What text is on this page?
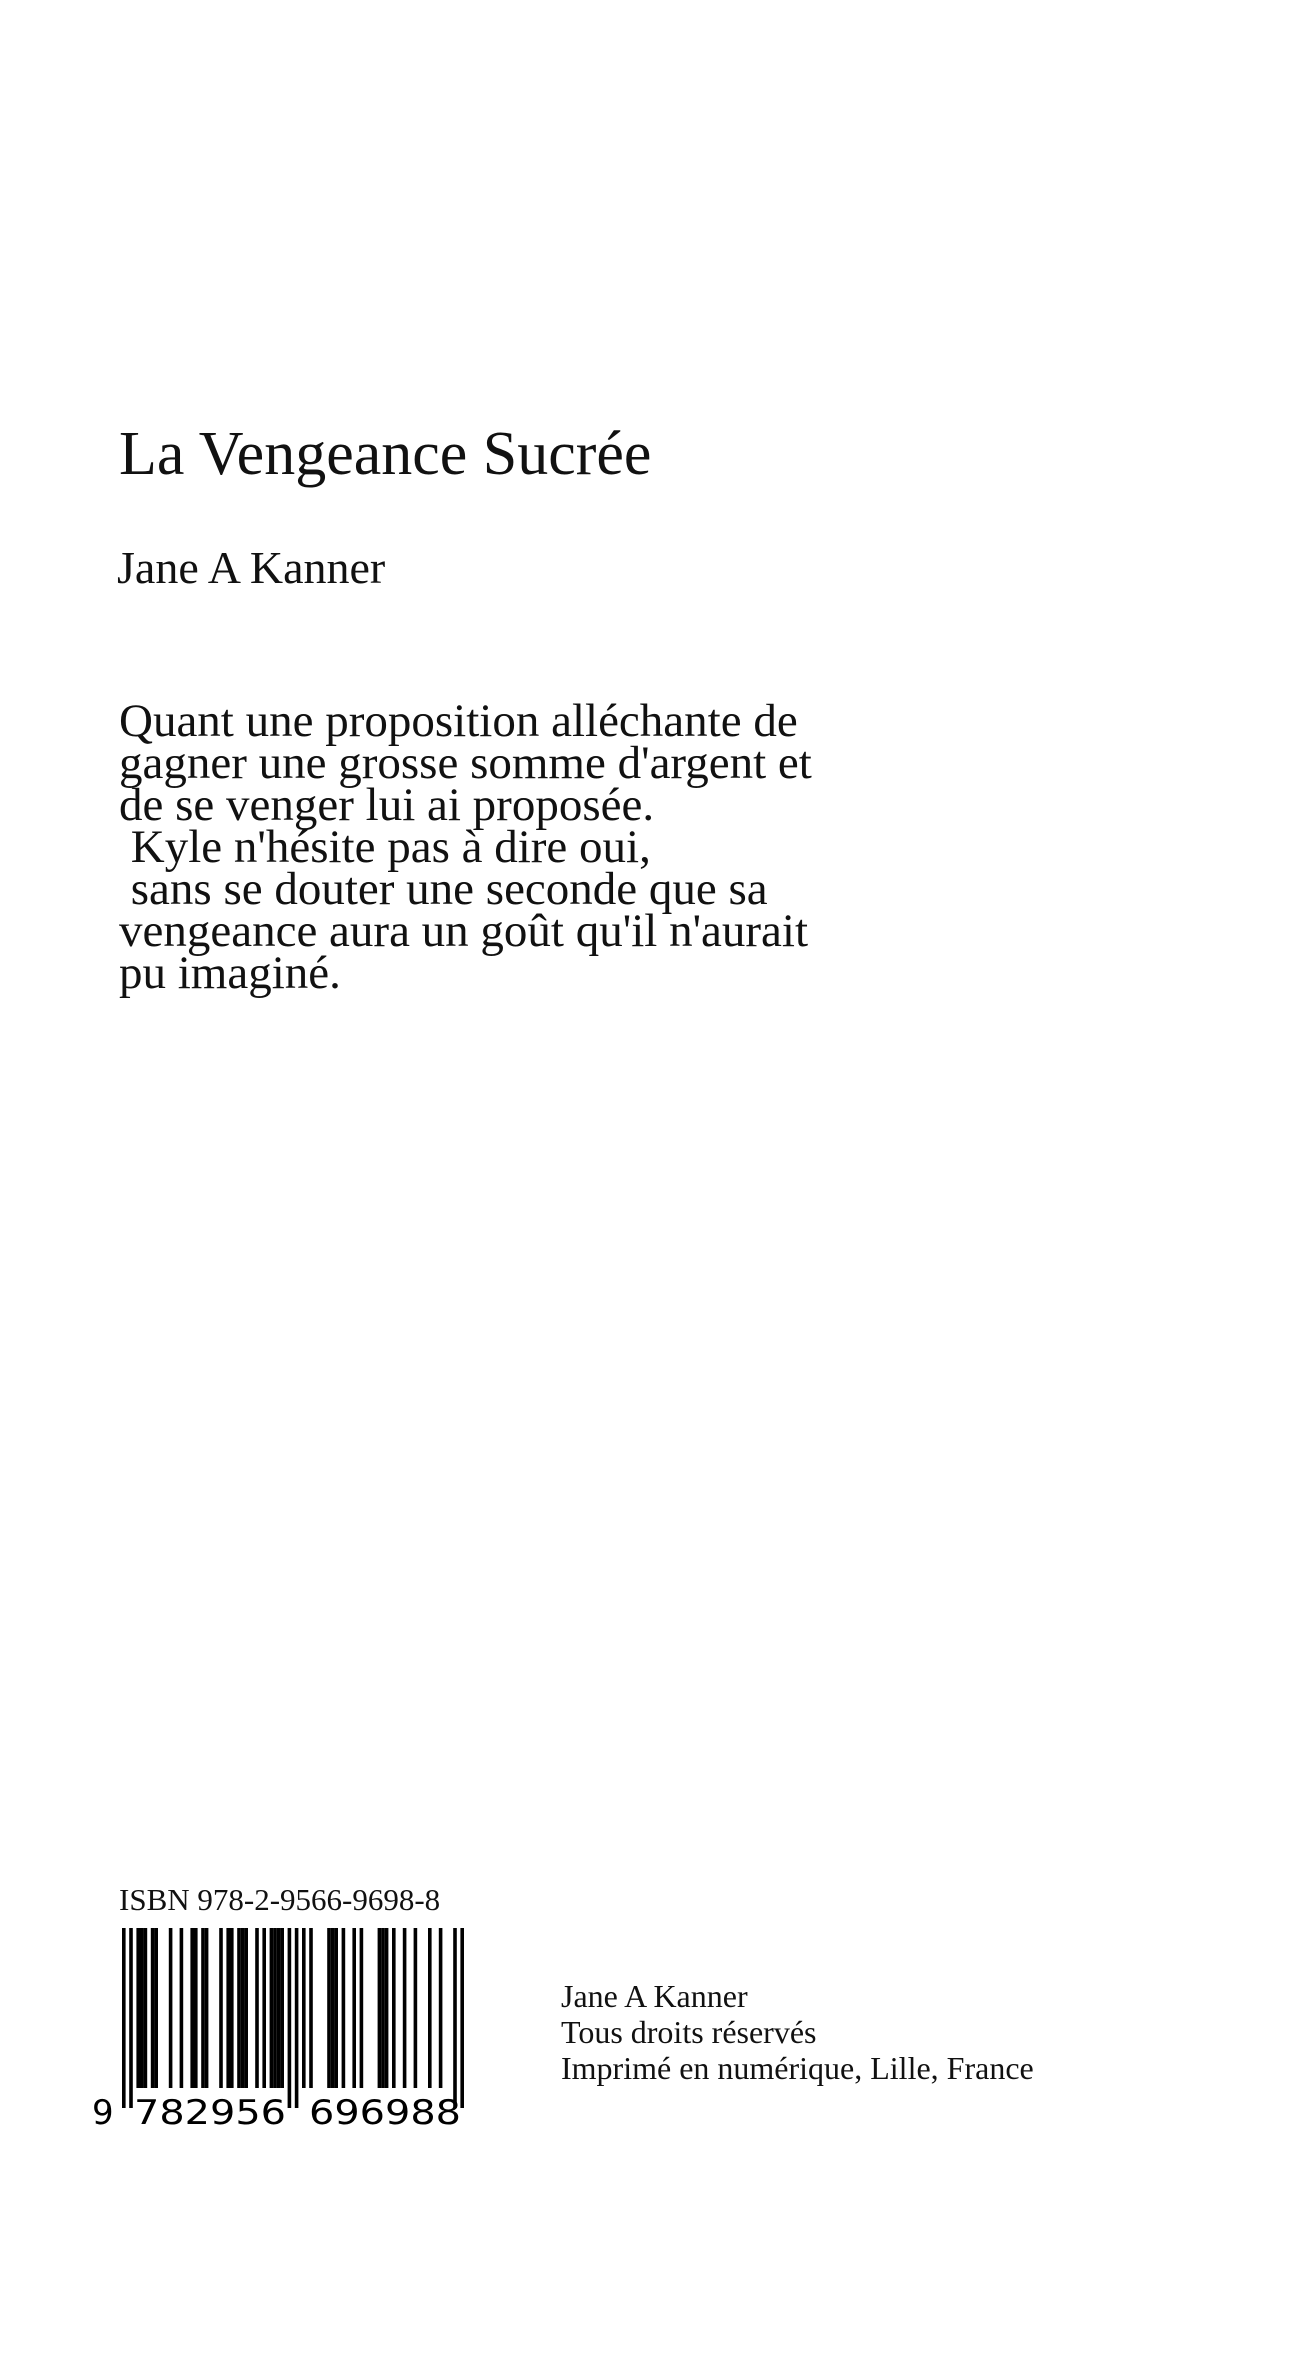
La Vengeance Sucrée
Jane A Kanner
Quant une proposition alléchante de
gagner une grosse somme d'argent et
de se venger lui ai proposée.
Kyle n'hésite pas à dire oui,
sans se douter une seconde que sa
vengeance aura un goût qu'il n'aurait
pu imaginé.
ISBN 978-2-9566-9698-8
9 782956 696988
Jane A Kanner
Tous droits réservés
Imprimé en numérique, Lille, France
